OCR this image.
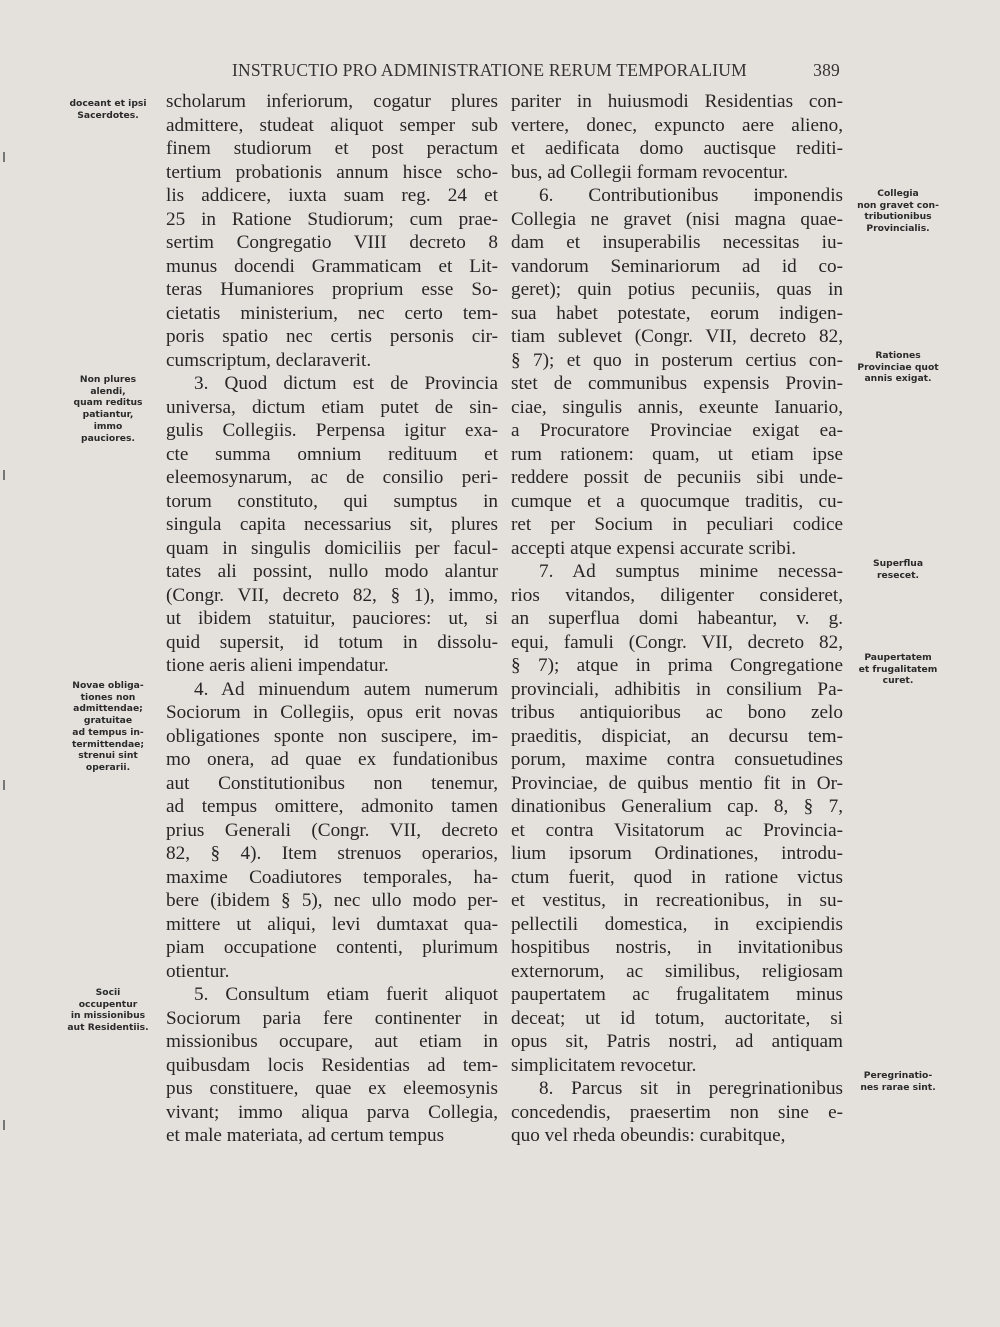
INSTRUCTIO PRO ADMINISTRATIONE RERUM TEMPORALIUM	389
scholarum inferiorum, cogatur plures
admittere, studeat aliquot semper sub
finem studiorum et post peractum
tertium probationis annum hisce scho-
lis addicere, iuxta suam reg. 24 et
25 in Ratione Studiorum; cum prae-
sertim Congregatio VIII decreto 8
munus docendi Grammaticam et Lit-
teras Humaniores proprium esse So-
cietatis ministerium, nec certo tem-
poris spatio nec certis personis cir-
cumscriptum, declaraverit.
3. Quod dictum est de Provincia
universa, dictum etiam putet de sin-
gulis Collegiis. Perpensa igitur exa-
cte summa omnium redituum et
eleemosynarum, ac de consilio peri-
torum constituto, qui sumptus in
singula capita necessarius sit, plures
quam in singulis domiciliis per facul-
tates ali possint, nullo modo alantur
(Congr. VII, decreto 82, § 1), immo,
ut ibidem statuitur, pauciores: ut, si
quid supersit, id totum in dissolu-
tione aeris alieni impendatur.
4. Ad minuendum autem numerum
Sociorum in Collegiis, opus erit novas
obligationes sponte non suscipere, im-
mo onera, ad quae ex fundationibus
aut Constitutionibus non tenemur,
ad tempus omittere, admonito tamen
prius Generali (Congr. VII, decreto
82, § 4). Item strenuos operarios,
maxime Coadiutores temporales, ha-
bere (ibidem § 5), nec ullo modo per-
mittere ut aliqui, levi dumtaxat qua-
piam occupatione contenti, plurimum
otientur.
5. Consultum etiam fuerit aliquot
Sociorum paria fere continenter in
missionibus occupare, aut etiam in
quibusdam locis Residentias ad tem-
pus constituere, quae ex eleemosynis
vivant; immo aliqua parva Collegia,
et male materiata, ad certum tempus
pariter in huiusmodi Residentias con-
vertere, donec, expuncto aere alieno,
et aedificata domo auctisque rediti-
bus, ad Collegii formam revocentur.
6. Contributionibus imponendis
Collegia ne gravet (nisi magna quae-
dam et insuperabilis necessitas iu-
vandorum Seminariorum ad id co-
geret); quin potius pecuniis, quas in
sua habet potestate, eorum indigen-
tiam sublevet (Congr. VII, decreto 82,
§ 7); et quo in posterum certius con-
stet de communibus expensis Provin-
ciae, singulis annis, exeunte Ianuario,
a Procuratore Provinciae exigat ea-
rum rationem: quam, ut etiam ipse
reddere possit de pecuniis sibi unde-
cumque et a quocumque traditis, cu-
ret per Socium in peculiari codice
accepti atque expensi accurate scribi.
7. Ad sumptus minime necessa-
rios vitandos, diligenter consideret,
an superflua domi habeantur, v. g.
equi, famuli (Congr. VII, decreto 82,
§ 7); atque in prima Congregatione
provinciali, adhibitis in consilium Pa-
tribus antiquioribus ac bono zelo
praeditis, dispiciat, an decursu tem-
porum, maxime contra consuetudines
Provinciae, de quibus mentio fit in Or-
dinationibus Generalium cap. 8, § 7,
et contra Visitatorum ac Provincia-
lium ipsorum Ordinationes, introdu-
ctum fuerit, quod in ratione victus
et vestitus, in recreationibus, in su-
pellectili domestica, in excipiendis
hospitibus nostris, in invitationibus
externorum, ac similibus, religiosam
paupertatem ac frugalitatem minus
deceat; ut id totum, auctoritate, si
opus sit, Patris nostri, ad antiquam
simplicitatem revocetur.
8. Parcus sit in peregrinationibus
concedendis, praesertim non sine e-
quo vel rheda obeundis: curabitque,
doceant et ipsi
Sacerdotes.
Non plures
alendi,
quam reditus
patiantur,
immo
pauciores.
Novae obliga-
tiones non
admittendae;
gratuitae
ad tempus in-
termittendae;
strenui sint
operarii.
Socii
occupentur
in missionibus
aut Residentiis.
Collegia
non gravet con-
tributionibus
Provincialis.
Rationes
Provinciae quot
annis exigat.
Superflua
resecet.
Paupertatem
et frugalitatem
curet.
Peregrinatio-
nes rarae sint.
